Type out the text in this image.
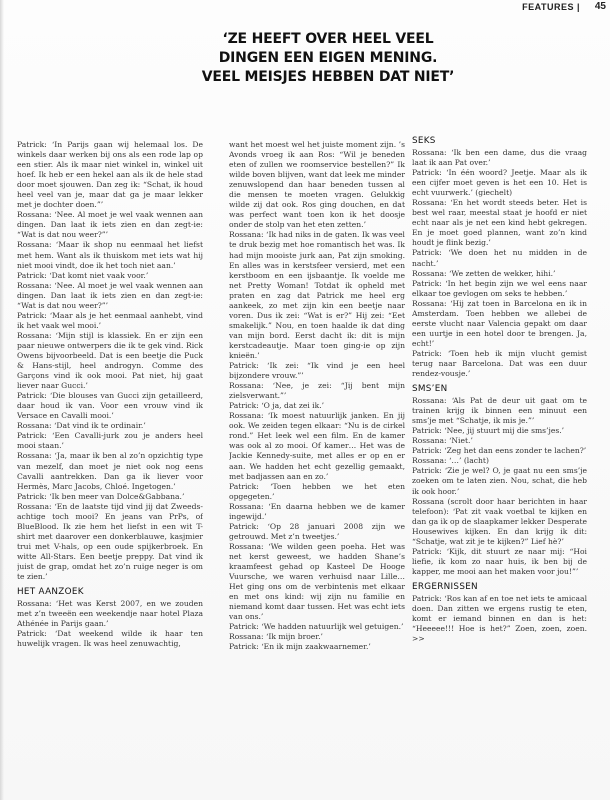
FEATURES | 45
‘ZE HEEFT OVER HEEL VEEL
DINGEN EEN EIGEN MENING.
VEEL MEISJES HEBBEN DAT NIET’
Patrick: ‘In Parijs gaan wij helemaal los. De winkels daar werken bij ons als een rode lap op een stier. Als ik maar niet winkel in, winkel uit hoef. Ik heb er een hekel aan als ik de hele stad door moet sjouwen. Dan zeg ik: “Schat, ik houd heel veel van je, maar dat ga je maar lekker met je dochter doen.”’
Rossana: ‘Nee. Al moet je wel vaak wennen aan dingen. Dan laat ik iets zien en dan zegt-ie: “Wat is dat nou weer?”’
Rossana: ‘Maar ik shop nu eenmaal het liefst met hem. Want als ik thuiskom met iets wat hij niet mooi vindt, doe ik het toch niet aan.’
Patrick: ‘Dat komt niet vaak voor.’
Rossana: ‘Nee. Al moet je wel vaak wennen aan dingen. Dan laat ik iets zien en dan zegt-ie: “Wat is dat nou weer?”’
Patrick: ‘Maar als je het eenmaal aanhebt, vind ik het vaak wel mooi.’
Rossana: ‘Mijn stijl is klassiek. En er zijn een paar nieuwe ontwerpers die ik te gek vind. Rick Owens bijvoorbeeld. Dat is een beetje die Puck & Hans-stijl, heel androgyn. Comme des Garçons vind ik ook mooi. Pat niet, hij gaat liever naar Gucci.’
Patrick: ‘Die blouses van Gucci zijn getailleerd, daar houd ik van. Voor een vrouw vind ik Versace en Cavalli mooi.’
Rossana: ‘Dat vind ik te ordinair.’
Patrick: ‘Een Cavalli-jurk zou je anders heel mooi staan.’
Rossana: ‘Ja, maar ik ben al zo’n opzichtig type van mezelf, dan moet je niet ook nog eens Cavalli aantrekken. Dan ga ik liever voor Hermès, Marc Jacobs, Chloé. Ingetogen.’
Patrick: ‘Ik ben meer van Dolce&Gabbana.’
Rossana: ‘En de laatste tijd vind jij dat Zweeds-achtige toch mooi? En jeans van PrPs, of BlueBlood. Ik zie hem het liefst in een wit T-shirt met daarover een donkerblauwe, kasjmier trui met V-hals, op een oude spijkerbroek. En witte All-Stars. Een beetje preppy. Dat vind ik juist de grap, omdat het zo’n ruige neger is om te zien.’
HET AANZOEK
Rossana: ‘Het was Kerst 2007, en we zouden met z’n tweeën een weekendje naar hotel Plaza Athénée in Parijs gaan.’
Patrick: ‘Dat weekend wilde ik haar ten huwelijk vragen. Ik was heel zenuwachtig,
want het moest wel het juiste moment zijn. ’s Avonds vroeg ik aan Ros: “Wil je beneden eten of zullen we roomservice bestellen?” Ik wilde boven blijven, want dat leek me minder zenuwslopend dan haar beneden tussen al die mensen te moeten vragen. Gelukkig wilde zij dat ook. Ros ging douchen, en dat was perfect want toen kon ik het doosje onder de stolp van het eten zetten.’
Rossana: ‘Ik had niks in de gaten. Ik was veel te druk bezig met hoe romantisch het was. Ik had mijn mooiste jurk aan, Pat zijn smoking. En alles was in kerstsfeer versierd, met een kerstboom en een ijsbaantje. Ik voelde me net Pretty Woman! Totdat ik opheld met praten en zag dat Patrick me heel erg aankeek, zo met zijn kin een beetje naar voren. Dus ik zei: “Wat is er?” Hij zei: “Eet smakelijk.” Nou, en toen haalde ik dat ding van mijn bord. Eerst dacht ik: dit is mijn kerstcadeautje. Maar toen ging-ie op zijn knieën.’
Patrick: ‘Ik zei: “Ik vind je een heel bijzondere vrouw.”’
Rossana: ‘Nee, je zei: “Jij bent mijn zielsverwant.”’
Patrick: ‘O ja, dat zei ik.’
Rossana: ‘Ik moest natuurlijk janken. En jij ook. We zeiden tegen elkaar: “Nu is de cirkel rond.” Het leek wel een film. En de kamer was ook al zo mooi. Of kamer… Het was de Jackie Kennedy-suite, met alles er op en er aan. We hadden het echt gezellig gemaakt, met badjassen aan en zo.’
Patrick: ‘Toen hebben we het eten opgegeten.’
Rossana: ‘En daarna hebben we de kamer ingewijd.’
Patrick: ‘Op 28 januari 2008 zijn we getrouwd. Met z’n tweetjes.’
Rossana: ‘We wilden geen poeha. Het was net kerst geweest, we hadden Shane’s kraamfeest gehad op Kasteel De Hooge Vuursche, we waren verhuisd naar Lille… Het ging ons om de verbintenis met elkaar en met ons kind: wij zijn nu familie en niemand komt daar tussen. Het was echt iets van ons.’
Patrick: ‘We hadden natuurlijk wel getuigen.’
Rossana: ‘Ik mijn broer.’
Patrick: ‘En ik mijn zaakwaarnemer.’
SEKS
Rossana: ‘Ik ben een dame, dus die vraag laat ik aan Pat over.’
Patrick: ‘In één woord? Jeetje. Maar als ik een cijfer moet geven is het een 10. Het is echt vuurwerk.’ (giechelt)
Rossana: ‘En het wordt steeds beter. Het is best wel raar, meestal staat je hoofd er niet echt naar als je net een kind hebt gekregen. En je moet goed plannen, want zo’n kind houdt je flink bezig.’
Patrick: ‘We doen het nu midden in de nacht.’
Rossana: ‘We zetten de wekker, hihi.’
Patrick: ‘In het begin zijn we wel eens naar elkaar toe gevlogen om seks te hebben.’
Rossana: ‘Hij zat toen in Barcelona en ik in Amsterdam. Toen hebben we allebei de eerste vlucht naar Valencia gepakt om daar een uurtje in een hotel door te brengen. Ja, echt!’
Patrick: ‘Toen heb ik mijn vlucht gemist terug naar Barcelona. Dat was een duur rendez-vousje.’
SMS’EN
Rossana: ‘Als Pat de deur uit gaat om te trainen krijg ik binnen een minuut een sms’je met “Schatje, ik mis je.”’
Patrick: ‘Nee, jij stuurt mij die sms’jes.’
Rossana: ‘Niet.’
Patrick: ‘Zeg het dan eens zonder te lachen?’
Rossana: ‘…’ (lacht)
Patrick: ‘Zie je wel? O, je gaat nu een sms’je zoeken om te laten zien. Nou, schat, die heb ik ook hoor.’
Rossana (scrolt door haar berichten in haar telefoon): ‘Pat zit vaak voetbal te kijken en dan ga ik op de slaapkamer lekker Desperate Housewives kijken. En dan krijg ik dit: “Schatje, wat zit je te kijken?” Lief hè?’
Patrick: ‘Kijk, dit stuurt ze naar mij: “Hoi liefie, ik kom zo naar huis, ik ben bij de kapper, me mooi aan het maken voor jou!”’
ERGERNISSEN
Patrick: ‘Ros kan af en toe net iets te amicaal doen. Dan zitten we ergens rustig te eten, komt er iemand binnen en dan is het: “Heeeee!!! Hoe is het?” Zoen, zoen, zoen. >>
